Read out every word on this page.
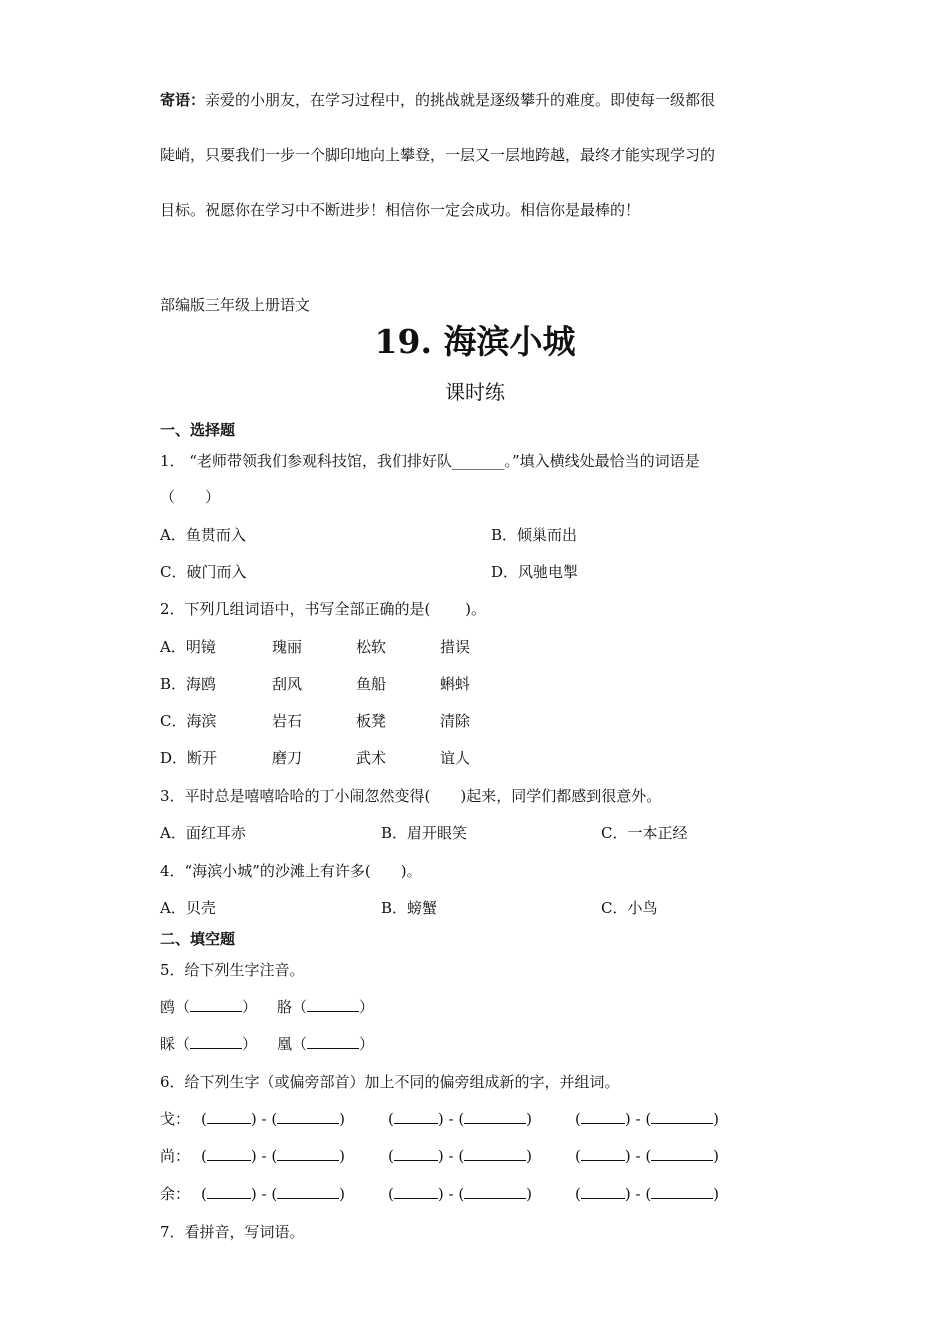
寄语：亲爱的小朋友，在学习过程中，的挑战就是逐级攀升的难度。即使每一级都很
陡峭，只要我们一步一个脚印地向上攀登，一层又一层地跨越，最终才能实现学习的
目标。祝愿你在学习中不断进步！相信你一定会成功。相信你是最棒的！
部编版三年级上册语文
19. 海滨小城
课时练
一、选择题
1． “老师带领我们参观科技馆，我们排好队_______。”填入横线处最恰当的词语是
（　　）
A．鱼贯而入	B．倾巢而出
C．破门而入	D．风驰电掣
2．下列几组词语中，书写全部正确的是(　　 )。
A．明镜	瑰丽	松软	措误
B．海鸥	刮风	鱼船	蝌蚪
C．海滨	岩石	板凳	清除
D．断开	磨刀	武术	谊人
3．平时总是嘻嘻哈哈的丁小闹忽然变得(　　)起来，同学们都感到很意外。
A．面红耳赤	B．眉开眼笑	C．一本正经
4．“海滨小城”的沙滩上有许多(　　)。
A．贝壳	B．螃蟹	C．小鸟
二、填空题
5．给下列生字注音。
鸥（	） 胳（	）
睬（	） 凰（	）
6．给下列生字（或偏旁部首）加上不同的偏旁组成新的字，并组词。
戈： (	) - (	)	(	) - (	)	(	) - (	)
尚： (	) - (	)	(	) - (	)	(	) - (	)
余： (	) - (	)	(	) - (	)	(	) - (	)
7．看拼音，写词语。
